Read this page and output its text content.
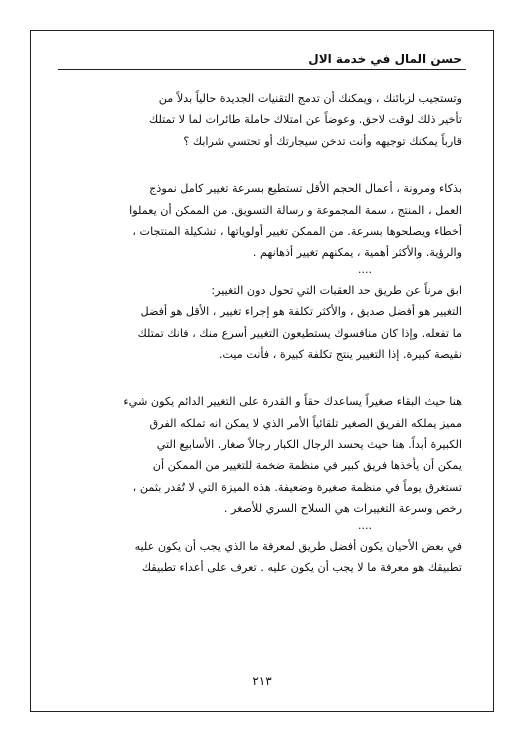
حسن المال في خدمة الال
وتستجيب لزبائنك ، ويمكنك أن تدمج التقنيات الجديدة حالياً بدلاً من
تأخير ذلك لوقت لاحق. وعوضاً عن امتلاك حاملة طائرات لما لا تمتلك
قارباً يمكنك توجيهه وأنت تدخن سيجارتك أو تحتسي شرابك ؟
بذكاء ومرونة ، أعمال الحجم الأقل تستطيع بسرعة تغيير كامل نموذج
العمل ، المنتج ، سمة المجموعة و رسالة التسويق. من الممكن أن يعملوا
أخطاء ويصلحوها بسرعة. من الممكن تغيير أولوياتها ، تشكيلة المنتجات ،
والرؤية. والأكثر أهمية ، يمكنهم تغيير أذهانهم .
....
ابق مرناً عن طريق حد العقبات التي تحول دون التغيير:
التغيير هو أفضل صديق ، والأكثر تكلفة هو إجراء تغيير ، الأقل هو أفضل
ما تفعله. وإذا كان منافسوك يستطيعون التغيير أسرع منك ، فانك تمتلك
نقيصة كبيرة. إذا التغيير ينتج تكلفة كبيرة ، فأنت ميت.
هنا حيث البقاء صغيراً يساعدك حقاً و القدرة على التغيير الدائم يكون شيء
مميز يملكه الفريق الصغير تلقائياً الأمر الذي لا يمكن انه تملكه الفرق
الكبيرة أبداً. هنا حيث يحسد الرجال الكبار رجالاً صغار. الأسابيع التي
يمكن أن يأخذها فريق كبير في منظمة ضخمة للتغيير من الممكن أن
تستغرق يوماً في منظمة صغيرة وضعيفة. هذه الميزة التي لا تُقدر بثمن ،
رخص وسرعة التغييرات هي السلاح السري للأصغر .
....
في بعض الأحيان يكون أفضل طريق لمعرفة ما الذي يجب أن يكون عليه
تطبيقك هو معرفة ما لا يجب أن يكون عليه . تعرف على أعداء تطبيقك
٢١٣
